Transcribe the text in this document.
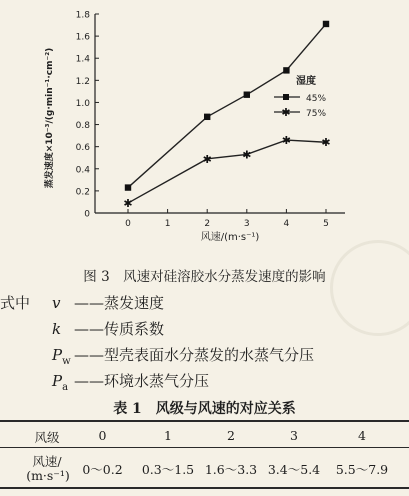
0
0.2
0.4
0.6
0.8
1.0
1.2
1.4
1.6
1.8
0	1	2	3	4	5
✱
✱	✱
✱	✱
蒸发速度×10⁻³/(g·min⁻¹·cm⁻²)
风速/(m·s⁻¹)
湿度
45%
✱ 75%
图 3　风速对硅溶胶水分蒸发速度的影响
式中 v ——蒸发速度
k ——传质系数
$P_w$ ——型壳表面水分蒸发的水蒸气分压
$P_a$ ——环境水蒸气分压
表 1　风级与风速的对应关系
风级	0	1	2	3	4
风速/
(m·s⁻¹)	0～0.2	0.3～1.5 1.6～3.3 3.4～5.4	5.5～7.9
